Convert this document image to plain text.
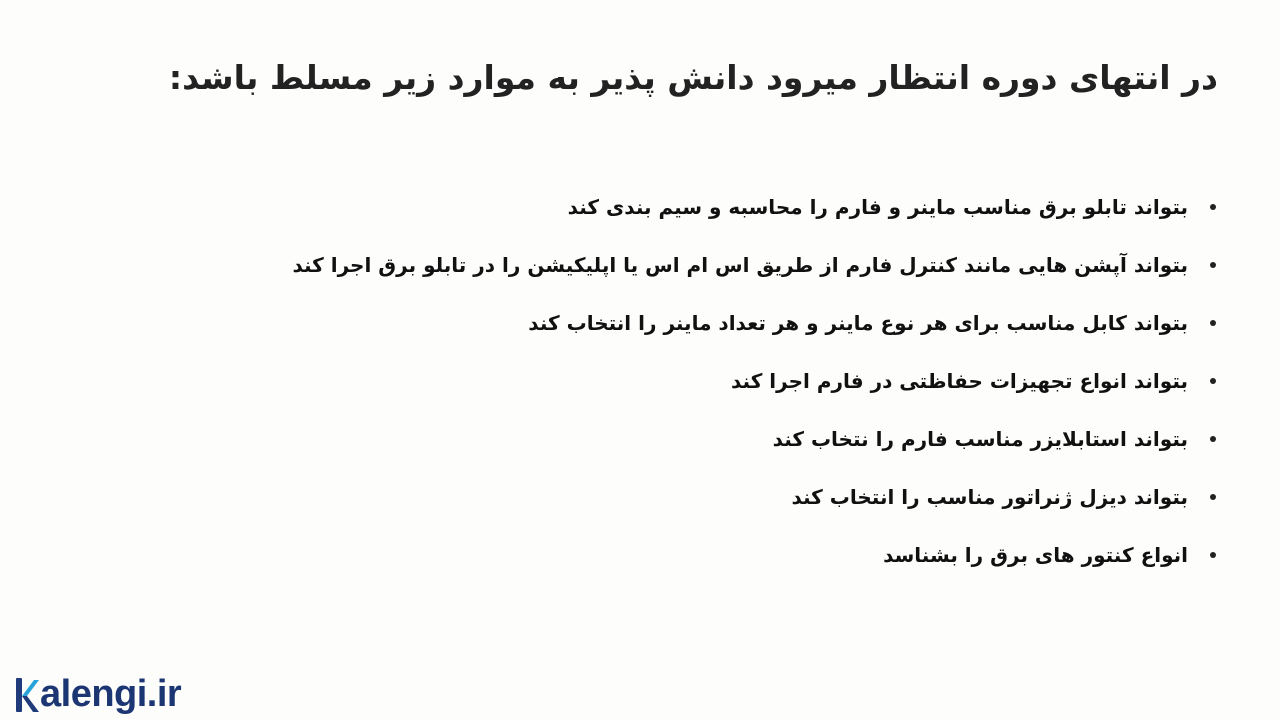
در انتهای دوره انتظار میرود دانش پذیر به موارد زیر مسلط باشد:
بتواند تابلو برق مناسب ماینر و فارم را محاسبه و سیم بندی کند
بتواند آپشن هایی مانند کنترل فارم از طریق اس ام اس یا اپلیکیشن را در تابلو برق اجرا کند
بتواند کابل مناسب برای هر نوع ماینر و هر تعداد ماینر را انتخاب کند
بتواند انواع تجهیزات حفاظتی در فارم اجرا کند
بتواند استابلایزر مناسب فارم را نتخاب کند
بتواند دیزل ژنراتور مناسب را انتخاب کند
انواع کنتور های برق را بشناسد
alengi.ir
